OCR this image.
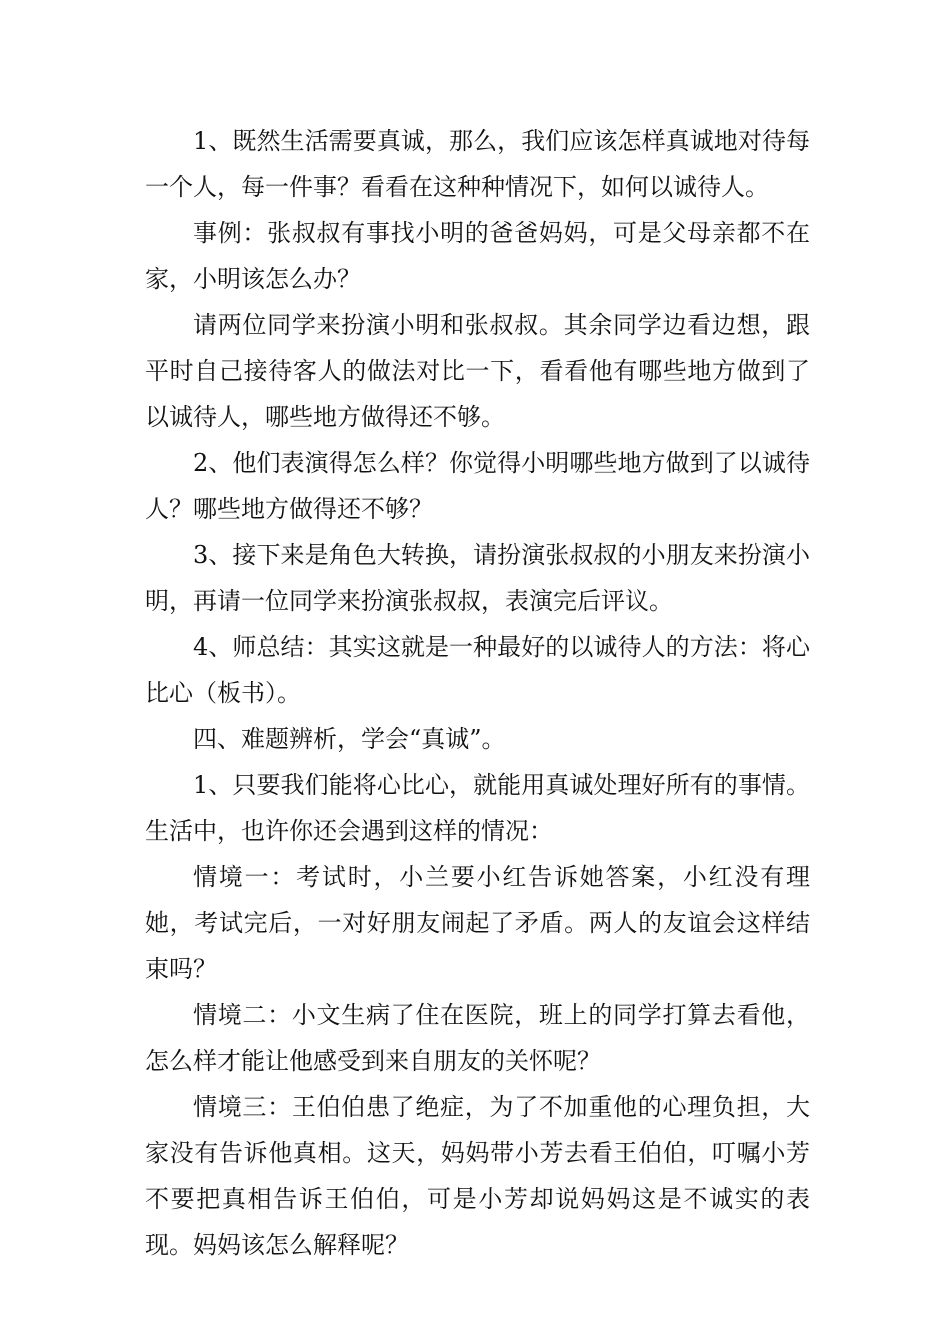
1、既然生活需要真诚，那么，我们应该怎样真诚地对待每一个人，每一件事？看看在这种种情况下，如何以诚待人。

事例：张叔叔有事找小明的爸爸妈妈，可是父母亲都不在家，小明该怎么办？

请两位同学来扮演小明和张叔叔。其余同学边看边想，跟平时自己接待客人的做法对比一下，看看他有哪些地方做到了以诚待人，哪些地方做得还不够。

2、他们表演得怎么样？你觉得小明哪些地方做到了以诚待人？哪些地方做得还不够？

3、接下来是角色大转换，请扮演张叔叔的小朋友来扮演小明，再请一位同学来扮演张叔叔，表演完后评议。

4、师总结：其实这就是一种最好的以诚待人的方法：将心比心（板书）。

四、难题辨析，学会“真诚”。

1、只要我们能将心比心，就能用真诚处理好所有的事情。生活中，也许你还会遇到这样的情况：

情境一：考试时，小兰要小红告诉她答案，小红没有理她，考试完后，一对好朋友闹起了矛盾。两人的友谊会这样结束吗？

情境二：小文生病了住在医院，班上的同学打算去看他，怎么样才能让他感受到来自朋友的关怀呢？

情境三：王伯伯患了绝症，为了不加重他的心理负担，大家没有告诉他真相。这天，妈妈带小芳去看王伯伯，叮嘱小芳不要把真相告诉王伯伯，可是小芳却说妈妈这是不诚实的表现。妈妈该怎么解释呢？
